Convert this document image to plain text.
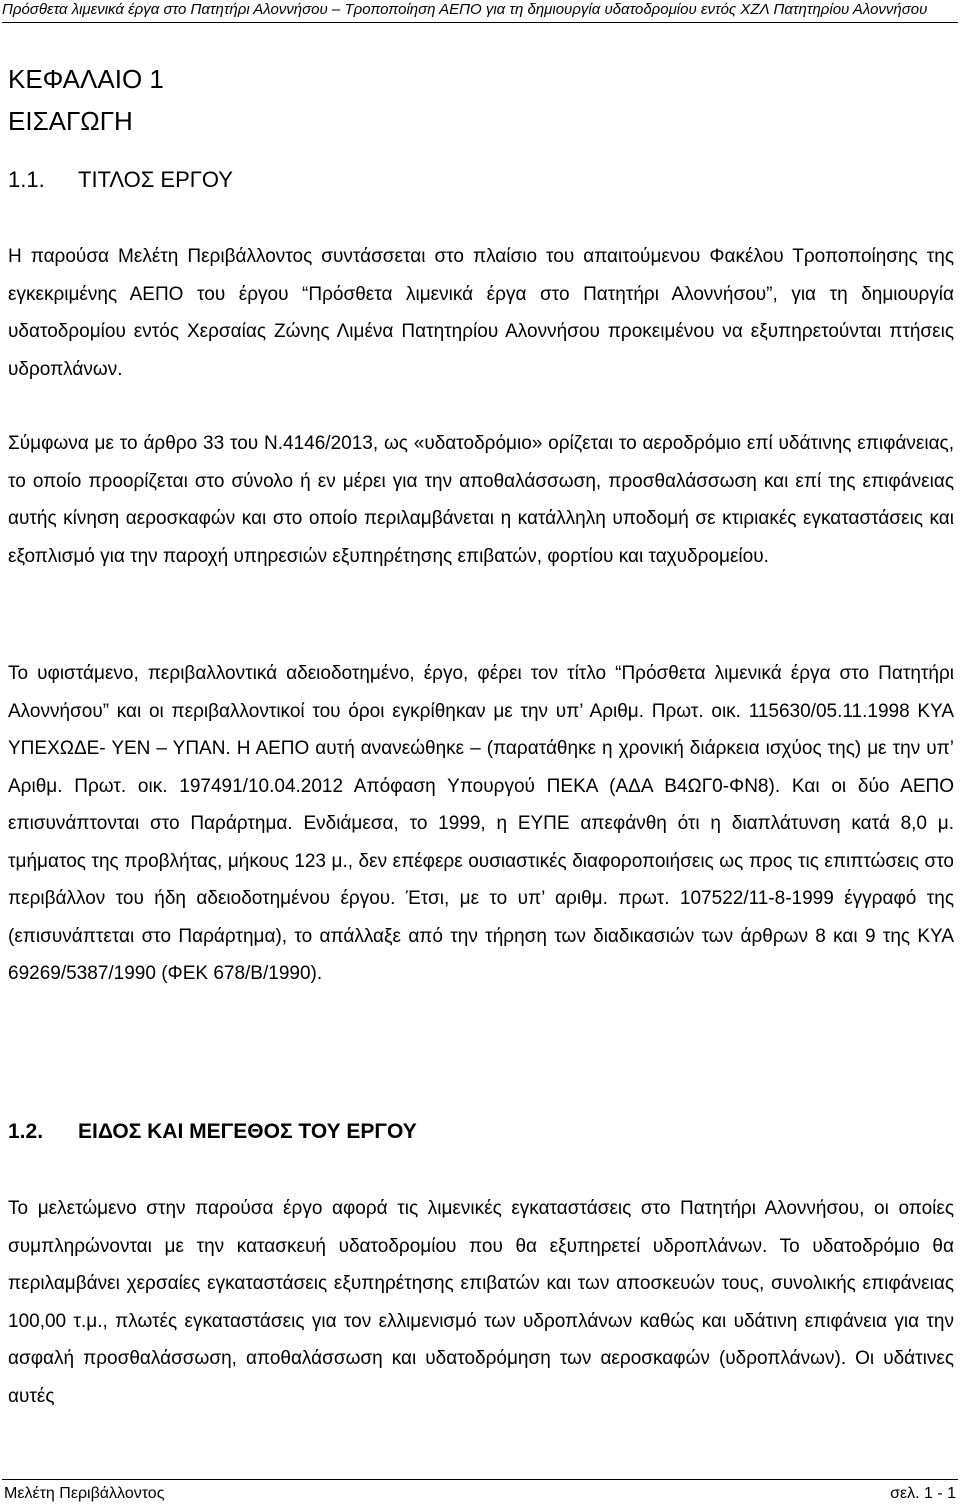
Πρόσθετα λιμενικά έργα στο Πατητήρι Αλοννήσου – Τροποποίηση ΑΕΠΟ για τη δημιουργία υδατοδρομίου εντός ΧΖΛ Πατητηρίου Αλοννήσου
ΚΕΦΑΛΑΙΟ 1
ΕΙΣΑΓΩΓΗ
1.1. ΤΙΤΛΟΣ ΕΡΓΟΥ

Η παρούσα Μελέτη Περιβάλλοντος συντάσσεται στο πλαίσιο του απαιτούμενου Φακέλου Τροποποίησης της εγκεκριμένης ΑΕΠΟ του έργου “Πρόσθετα λιμενικά έργα στο Πατητήρι Αλοννήσου”, για τη δημιουργία υδατοδρομίου εντός Χερσαίας Ζώνης Λιμένα Πατητηρίου Αλοννήσου προκειμένου να εξυπηρετούνται πτήσεις υδροπλάνων.

Σύμφωνα με το άρθρο 33 του Ν.4146/2013, ως «υδατοδρόμιο» ορίζεται το αεροδρόμιο επί υδάτινης επιφάνειας, το οποίο προορίζεται στο σύνολο ή εν μέρει για την αποθαλάσσωση, προσθαλάσσωση και επί της επιφάνειας αυτής κίνηση αεροσκαφών και στο οποίο περιλαμβάνεται η κατάλληλη υποδομή σε κτιριακές εγκαταστάσεις και εξοπλισμό για την παροχή υπηρεσιών εξυπηρέτησης επιβατών, φορτίου και ταχυδρομείου.

Το υφιστάμενο, περιβαλλοντικά αδειοδοτημένο, έργο, φέρει τον τίτλο “Πρόσθετα λιμενικά έργα στο Πατητήρι Αλοννήσου” και οι περιβαλλοντικοί του όροι εγκρίθηκαν με την υπ’ Αριθμ. Πρωτ. οικ. 115630/05.11.1998 ΚΥΑ ΥΠΕΧΩΔΕ- ΥΕΝ – ΥΠΑΝ. Η ΑΕΠΟ αυτή ανανεώθηκε – (παρατάθηκε η χρονική διάρκεια ισχύος της) με την υπ’ Αριθμ. Πρωτ. οικ. 197491/10.04.2012 Απόφαση Υπουργού ΠΕΚΑ (ΑΔΑ Β4ΩΓ0-ΦΝ8). Και οι δύο ΑΕΠΟ επισυνάπτονται στο Παράρτημα. Ενδιάμεσα, το 1999, η ΕΥΠΕ απεφάνθη ότι η διαπλάτυνση κατά 8,0 μ. τμήματος της προβλήτας, μήκους 123 μ., δεν επέφερε ουσιαστικές διαφοροποιήσεις ως προς τις επιπτώσεις στο περιβάλλον του ήδη αδειοδοτημένου έργου. Έτσι, με το υπ’ αριθμ. πρωτ. 107522/11-8-1999 έγγραφό της (επισυνάπτεται στο Παράρτημα), το απάλλαξε από την τήρηση των διαδικασιών των άρθρων 8 και 9 της ΚΥΑ 69269/5387/1990 (ΦΕΚ 678/Β/1990).

1.2. ΕΙΔΟΣ ΚΑΙ ΜΕΓΕΘΟΣ ΤΟΥ ΕΡΓΟΥ

Το μελετώμενο στην παρούσα έργο αφορά τις λιμενικές εγκαταστάσεις στο Πατητήρι Αλοννήσου, οι οποίες συμπληρώνονται με την κατασκευή υδατοδρομίου που θα εξυπηρετεί υδροπλάνων. Το υδατοδρόμιο θα περιλαμβάνει χερσαίες εγκαταστάσεις εξυπηρέτησης επιβατών και των αποσκευών τους, συνολικής επιφάνειας 100,00 τ.μ., πλωτές εγκαταστάσεις για τον ελλιμενισμό των υδροπλάνων καθώς και υδάτινη επιφάνεια για την ασφαλή προσθαλάσσωση, αποθαλάσσωση και υδατοδρόμηση των αεροσκαφών (υδροπλάνων). Οι υδάτινες αυτές

Μελέτη Περιβάλλοντος	σελ. 1 - 1
